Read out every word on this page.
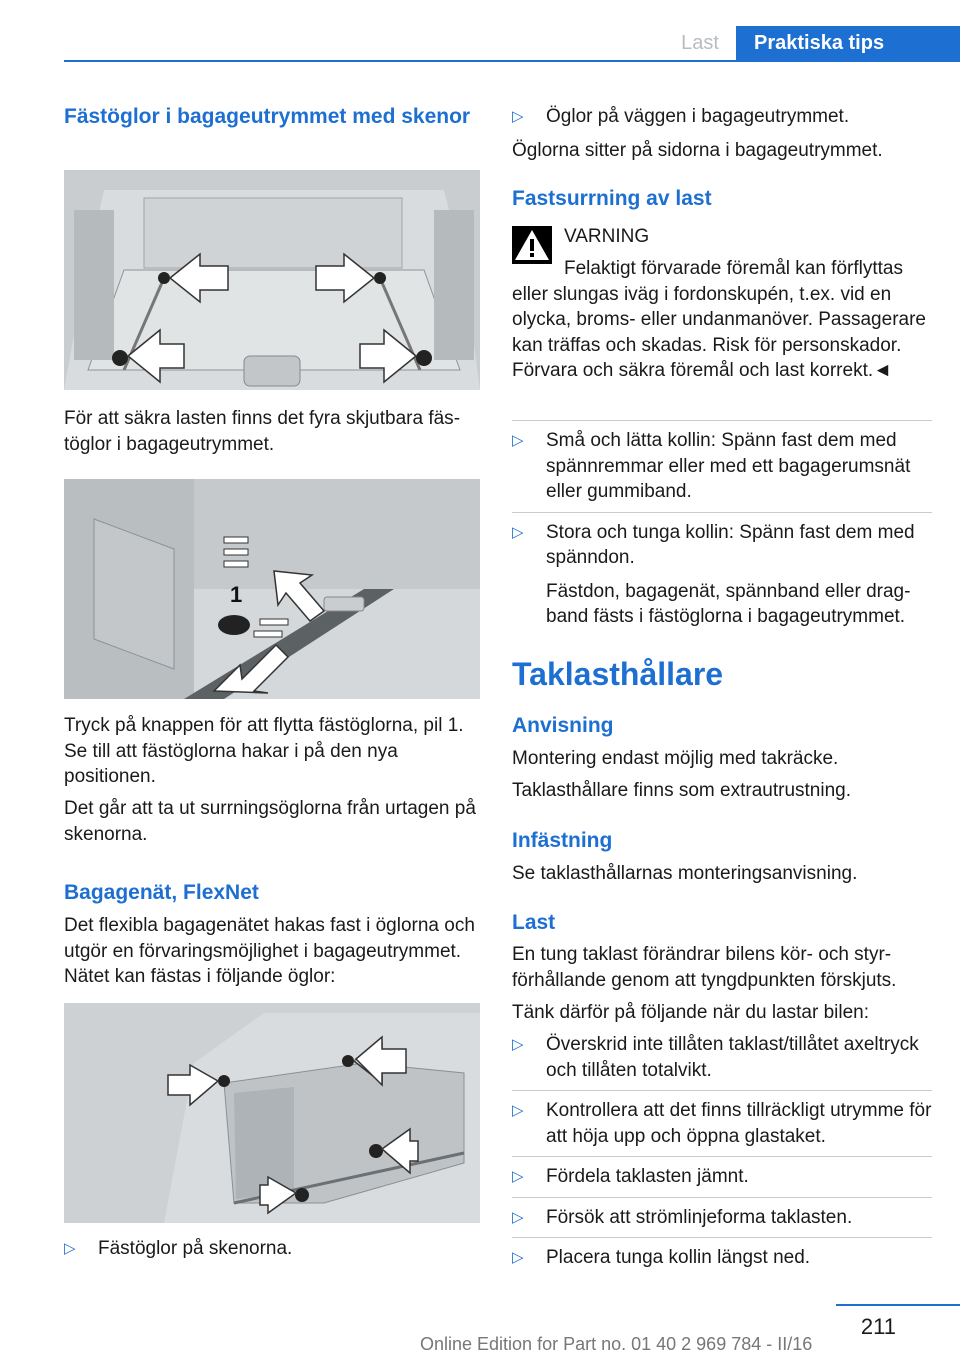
Last	Praktiska tips

Fästöglor i bagageutrymmet med skenor

För att säkra lasten finns det fyra skjutbara fästöglor i bagageutrymmet.

1

Tryck på knappen för att flytta fästöglorna, pil 1. Se till att fästöglorna hakar i på den nya positionen.

Det går att ta ut surrningsöglorna från urtagen på skenorna.

Bagagenät, FlexNet

Det flexibla bagagenätet hakas fast i öglorna och utgör en förvaringsmöjlighet i bagageutrymmet. Nätet kan fästas i följande öglor:

▷	Fästöglor på skenorna.
▷	Öglor på väggen i bagageutrymmet.

Öglorna sitter på sidorna i bagageutrymmet.

Fastsurrning av last

VARNING
Felaktigt förvarade föremål kan förflyttas eller slungas iväg i fordonskupén, t.ex. vid en olycka, broms- eller undanmanöver. Passagerare kan träffas och skadas. Risk för personskador. Förvara och säkra föremål och last korrekt.◄
▷	Små och lätta kollin: Spänn fast dem med spännremmar eller med ett bagagerumsnät eller gummiband.
▷	Stora och tunga kollin: Spänn fast dem med spänndon.
Fästdon, bagagenät, spännband eller dragband fästs i fästöglorna i bagageutrymmet.

Taklasthållare

Anvisning

Montering endast möjlig med takräcke.

Taklasthållare finns som extrautrustning.

Infästning

Se taklasthållarnas monteringsanvisning.

Last

En tung taklast förändrar bilens kör- och styrförhållande genom att tyngdpunkten förskjuts.

Tänk därför på följande när du lastar bilen:

▷	Överskrid inte tillåten taklast/tillåtet axeltryck och tillåten totalvikt.
▷	Kontrollera att det finns tillräckligt utrymme för att höja upp och öppna glastaket.
▷	Fördela taklasten jämnt.
▷	Försök att strömlinjeforma taklasten.
▷	Placera tunga kollin längst ned.
211
Online Edition for Part no. 01 40 2 969 784 - II/16
